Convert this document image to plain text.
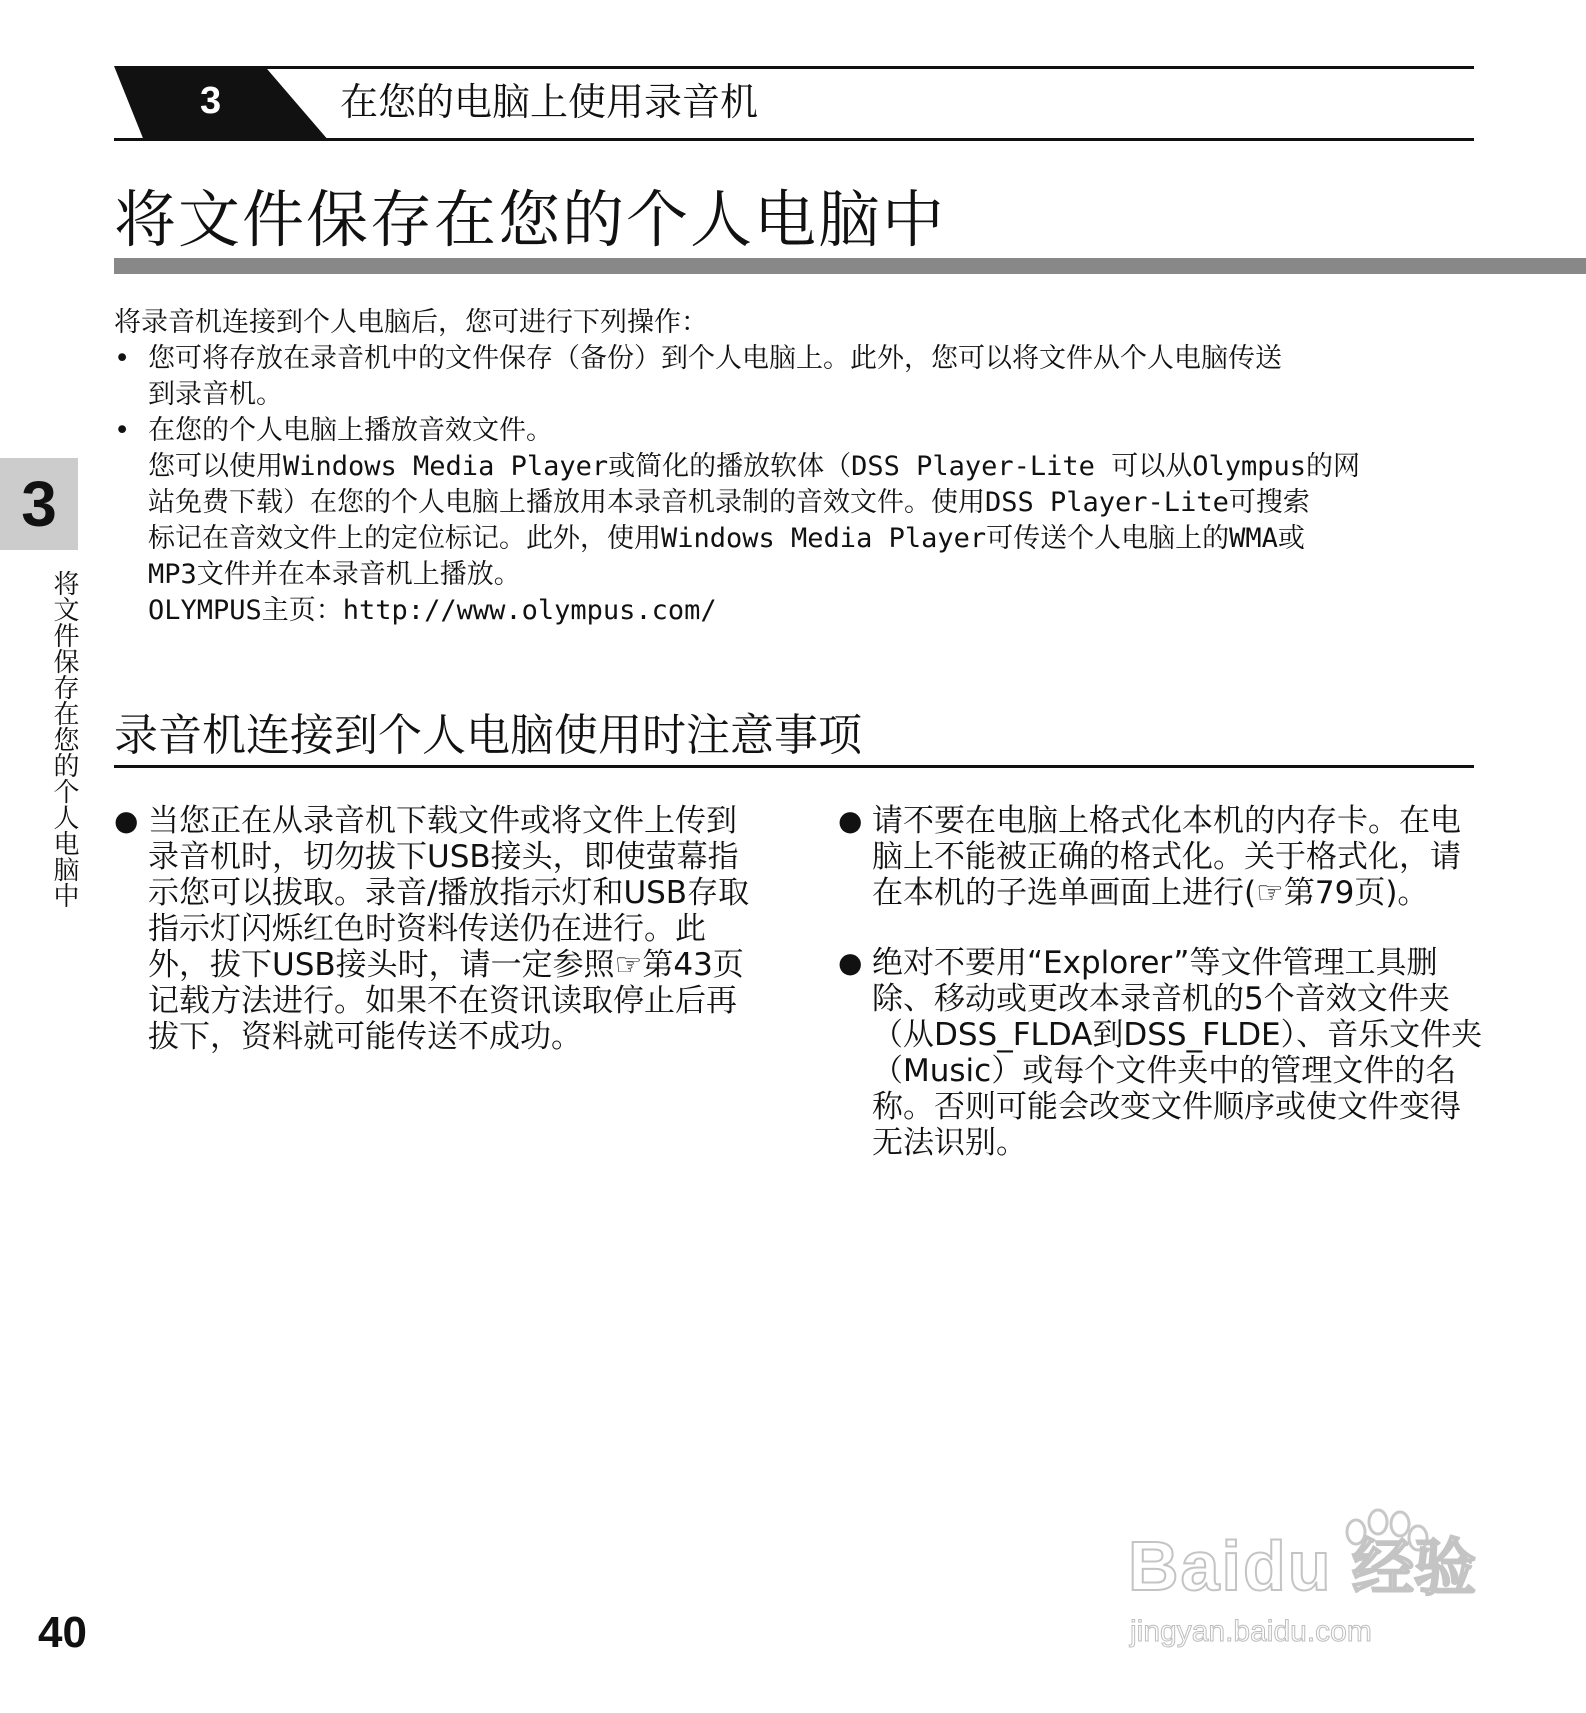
3	在您的电脑上使用录音机
将文件保存在您的个人电脑中
将录音机连接到个人电脑后，您可进行下列操作：
• 您可将存放在录音机中的文件保存（备份）到个人电脑上。此外，您可以将文件从个人电脑传送
到录音机。
• 在您的个人电脑上播放音效文件。
您可以使用Windows Media Player或简化的播放软体（DSS Player-Lite 可以从Olympus的网
站免费下载）在您的个人电脑上播放用本录音机录制的音效文件。使用DSS Player-Lite可搜索
标记在音效文件上的定位标记。此外，使用Windows Media Player可传送个人电脑上的WMA或
MP3文件并在本录音机上播放。
OLYMPUS主页：http://www.olympus.com/
3
将文件保存在您的个人电脑中 录音机连接到个人电脑使用时注意事项
● 当您正在从录音机下载文件或将文件上传到
录音机时，切勿拔下USB接头，即使萤幕指
示您可以拔取。录音/播放指示灯和USB存取
指示灯闪烁红色时资料传送仍在进行。此
外，拔下USB接头时，请一定参照☞第43页
记载方法进行。如果不在资讯读取停止后再
拔下，资料就可能传送不成功。
● 请不要在电脑上格式化本机的内存卡。在电
脑上不能被正确的格式化。关于格式化，请
在本机的子选单画面上进行(☞第79页)。
● 绝对不要用“Explorer”等文件管理工具删
除、移动或更改本录音机的5个音效文件夹
（从DSS_FLDA到DSS_FLDE）、音乐文件夹
（Music）或每个文件夹中的管理文件的名
称。否则可能会改变文件顺序或使文件变得
无法识别。
40
Baidu 经验
jingyan.baidu.com
